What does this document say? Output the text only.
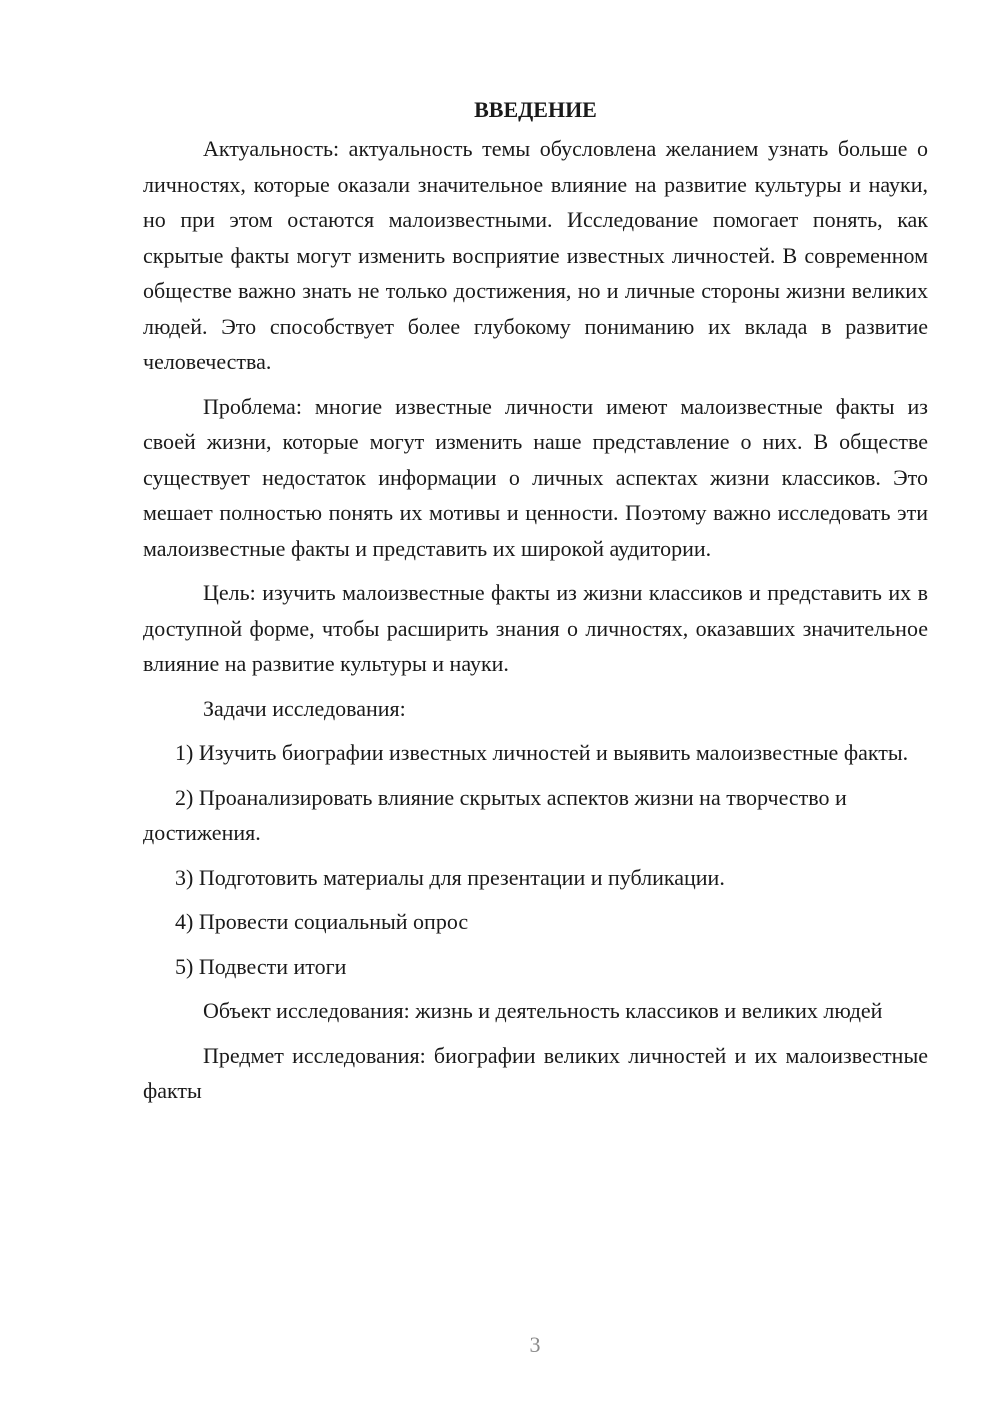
ВВЕДЕНИЕ

Актуальность: актуальность темы обусловлена желанием узнать больше о личностях, которые оказали значительное влияние на развитие культуры и науки, но при этом остаются малоизвестными. Исследование помогает понять, как скрытые факты могут изменить восприятие известных личностей. В современном обществе важно знать не только достижения, но и личные стороны жизни великих людей. Это способствует более глубокому пониманию их вклада в развитие человечества.

Проблема: многие известные личности имеют малоизвестные факты из своей жизни, которые могут изменить наше представление о них. В обществе существует недостаток информации о личных аспектах жизни классиков. Это мешает полностью понять их мотивы и ценности. Поэтому важно исследовать эти малоизвестные факты и представить их широкой аудитории.

Цель: изучить малоизвестные факты из жизни классиков и представить их в доступной форме, чтобы расширить знания о личностях, оказавших значительное влияние на развитие культуры и науки.

Задачи исследования:

1) Изучить биографии известных личностей и выявить малоизвестные факты.

2) Проанализировать влияние скрытых аспектов жизни на творчество и достижения.

3) Подготовить материалы для презентации и публикации.

4) Провести социальный опрос

5) Подвести итоги

Объект исследования: жизнь и деятельность классиков и великих людей

Предмет исследования: биографии великих личностей и их малоизвестные факты

3
